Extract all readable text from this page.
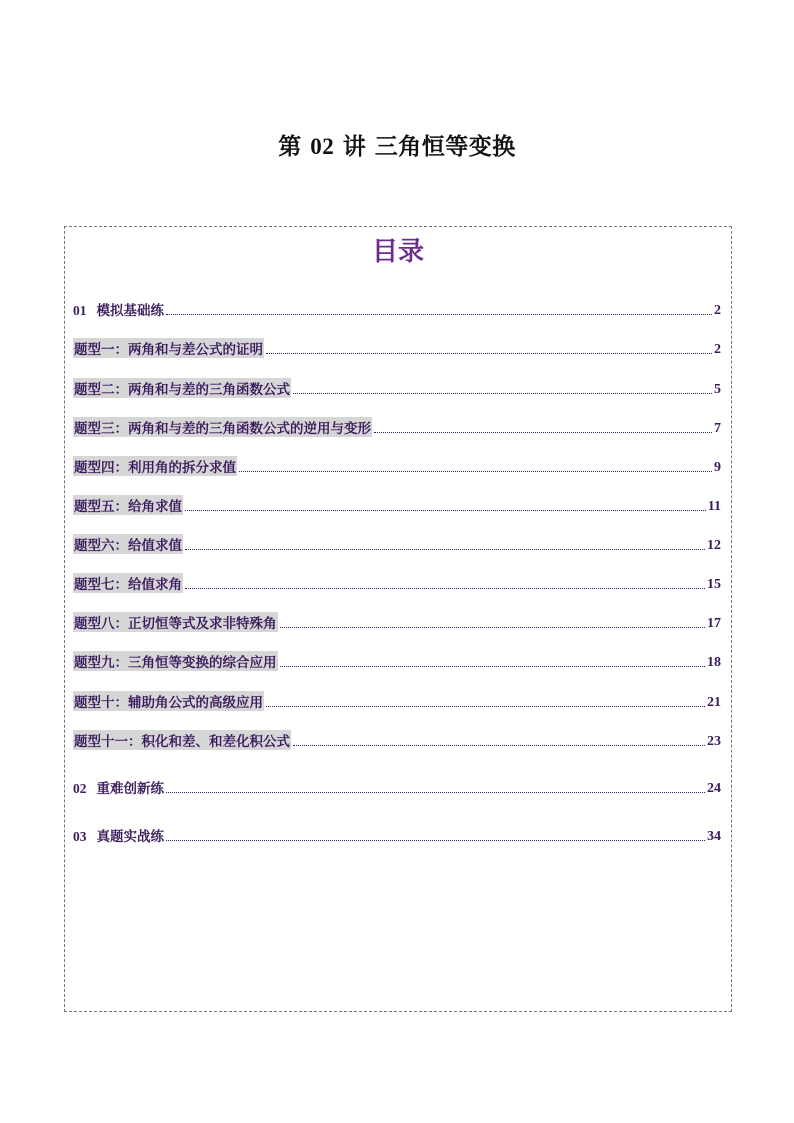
第 02 讲 三角恒等变换
目录
01 模拟基础练	2
题型一：两角和与差公式的证明	2
题型二：两角和与差的三角函数公式	5
题型三：两角和与差的三角函数公式的逆用与变形	7
题型四：利用角的拆分求值	9
题型五：给角求值	11
题型六：给值求值	12
题型七：给值求角	15
题型八：正切恒等式及求非特殊角	17
题型九：三角恒等变换的综合应用	18
题型十：辅助角公式的高级应用	21
题型十一：积化和差、和差化积公式	23
02 重难创新练	24
03 真题实战练	34
